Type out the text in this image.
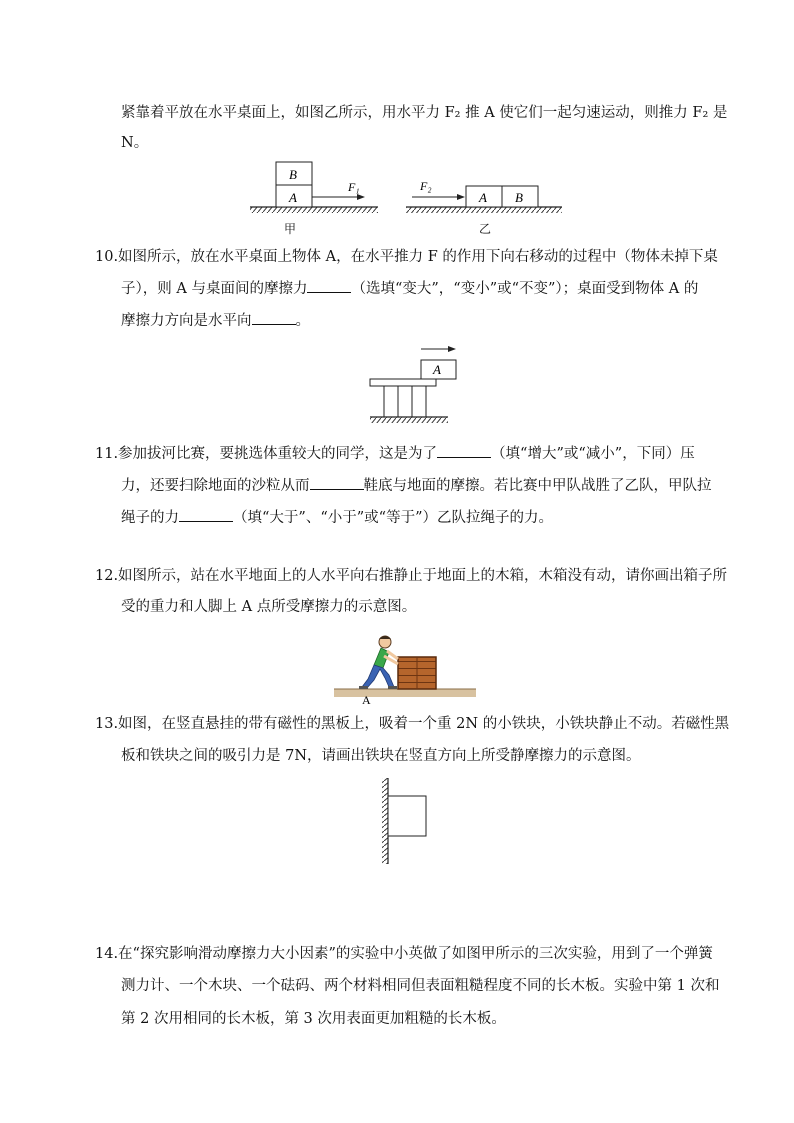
紧靠着平放在水平桌面上，如图乙所示，用水平力 F₂ 推 A 使它们一起匀速运动，则推力 F₂ 是
N。
B
A
F₁
甲
F₂
A B
乙
10.如图所示，放在水平桌面上物体 A，在水平推力 F 的作用下向右移动的过程中（物体未掉下桌
子），则 A 与桌面间的摩擦力	（选填“变大”，“变小”或“不变”）；桌面受到物体 A 的
摩擦力方向是水平向	。
A
11.参加拔河比赛，要挑选体重较大的同学，这是为了	（填“增大”或“减小”，下同）压
力，还要扫除地面的沙粒从而	鞋底与地面的摩擦。若比赛中甲队战胜了乙队，甲队拉
绳子的力	（填“大于”、“小于”或“等于”）乙队拉绳子的力。
12.如图所示，站在水平地面上的人水平向右推静止于地面上的木箱，木箱没有动，请你画出箱子所
受的重力和人脚上 A 点所受摩擦力的示意图。
A
13.如图，在竖直悬挂的带有磁性的黑板上，吸着一个重 2N 的小铁块，小铁块静止不动。若磁性黑
板和铁块之间的吸引力是 7N，请画出铁块在竖直方向上所受静摩擦力的示意图。
14.在“探究影响滑动摩擦力大小因素”的实验中小英做了如图甲所示的三次实验，用到了一个弹簧
测力计、一个木块、一个砝码、两个材料相同但表面粗糙程度不同的长木板。实验中第 1 次和
第 2 次用相同的长木板，第 3 次用表面更加粗糙的长木板。
